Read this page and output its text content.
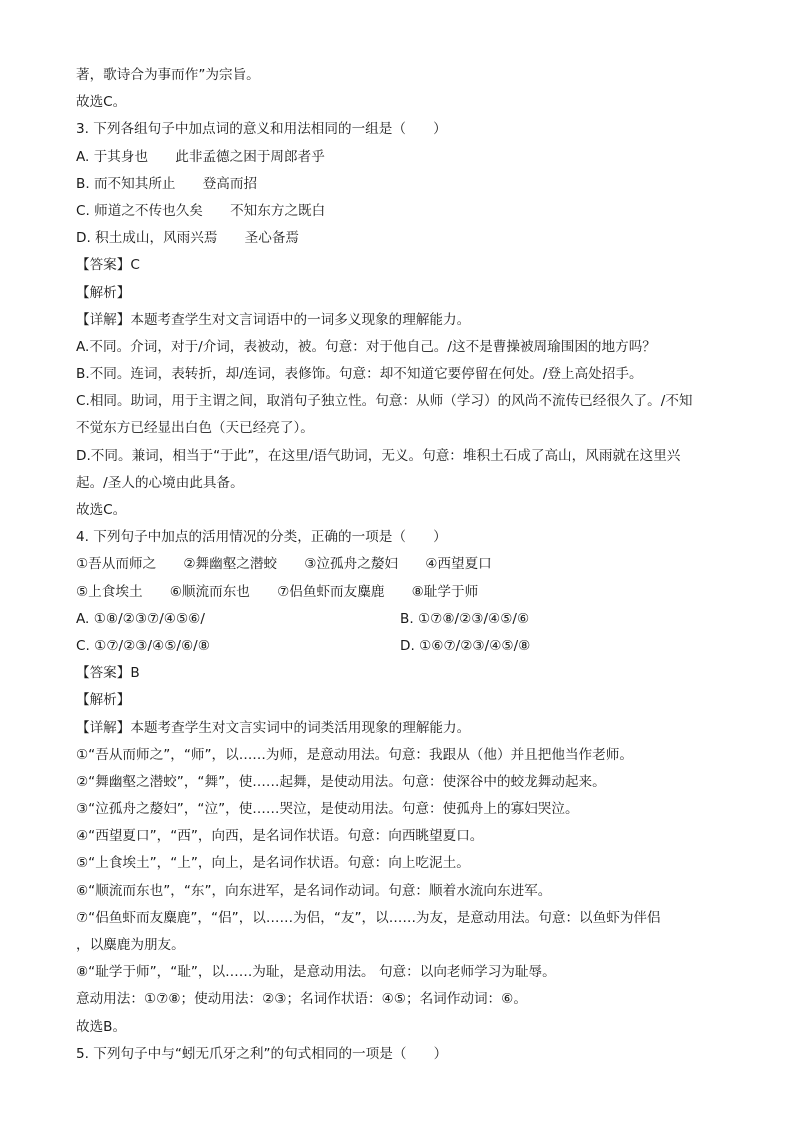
著，歌诗合为事而作”为宗旨。
故选C。
3. 下列各组句子中加点词的意义和用法相同的一组是（　　）
A. 于其身也　　此非孟德之困于周郎者乎
B. 而不知其所止　　登高而招
C. 师道之不传也久矣　　不知东方之既白
D. 积土成山，风雨兴焉　　圣心备焉
【答案】C
【解析】
【详解】本题考查学生对文言词语中的一词多义现象的理解能力。
A.不同。介词，对于/介词，表被动，被。句意：对于他自己。/这不是曹操被周瑜围困的地方吗？
B.不同。连词，表转折，却/连词，表修饰。句意：却不知道它要停留在何处。/登上高处招手。
C.相同。助词，用于主谓之间，取消句子独立性。句意：从师（学习）的风尚不流传已经很久了。/不知
不觉东方已经显出白色（天已经亮了）。
D.不同。兼词，相当于“于此”，在这里/语气助词，无义。句意：堆积土石成了高山，风雨就在这里兴
起。/圣人的心境由此具备。
故选C。
4. 下列句子中加点的活用情况的分类，正确的一项是（　　）
①吾从而师之　　②舞幽壑之潜蛟　　③泣孤舟之嫠妇　　④西望夏口
⑤上食埃土　　⑥顺流而东也　　⑦侣鱼虾而友麋鹿　　⑧耻学于师
A. ①⑧/②③⑦/④⑤⑥/	B. ①⑦⑧/②③/④⑤/⑥
C. ①⑦/②③/④⑤/⑥/⑧	D. ①⑥⑦/②③/④⑤/⑧
【答案】B
【解析】
【详解】本题考查学生对文言实词中的词类活用现象的理解能力。
①“吾从而师之”，“师”，以……为师，是意动用法。句意：我跟从（他）并且把他当作老师。
②“舞幽壑之潜蛟”，“舞”，使……起舞，是使动用法。句意：使深谷中的蛟龙舞动起来。
③“泣孤舟之嫠妇”，“泣”，使……哭泣，是使动用法。句意：使孤舟上的寡妇哭泣。
④“西望夏口”，“西”，向西，是名词作状语。句意：向西眺望夏口。
⑤“上食埃土”，“上”，向上，是名词作状语。句意：向上吃泥土。
⑥“顺流而东也”，“东”，向东进军，是名词作动词。句意：顺着水流向东进军。
⑦“侣鱼虾而友麋鹿”，“侣”，以……为侣，“友”，以……为友，是意动用法。句意：以鱼虾为伴侣
，以麋鹿为朋友。
⑧“耻学于师”，“耻”，以……为耻，是意动用法。 句意：以向老师学习为耻辱。
意动用法：①⑦⑧；使动用法：②③；名词作状语：④⑤；名词作动词：⑥。
故选B。
5. 下列句子中与“蚓无爪牙之利”的句式相同的一项是（　　）
